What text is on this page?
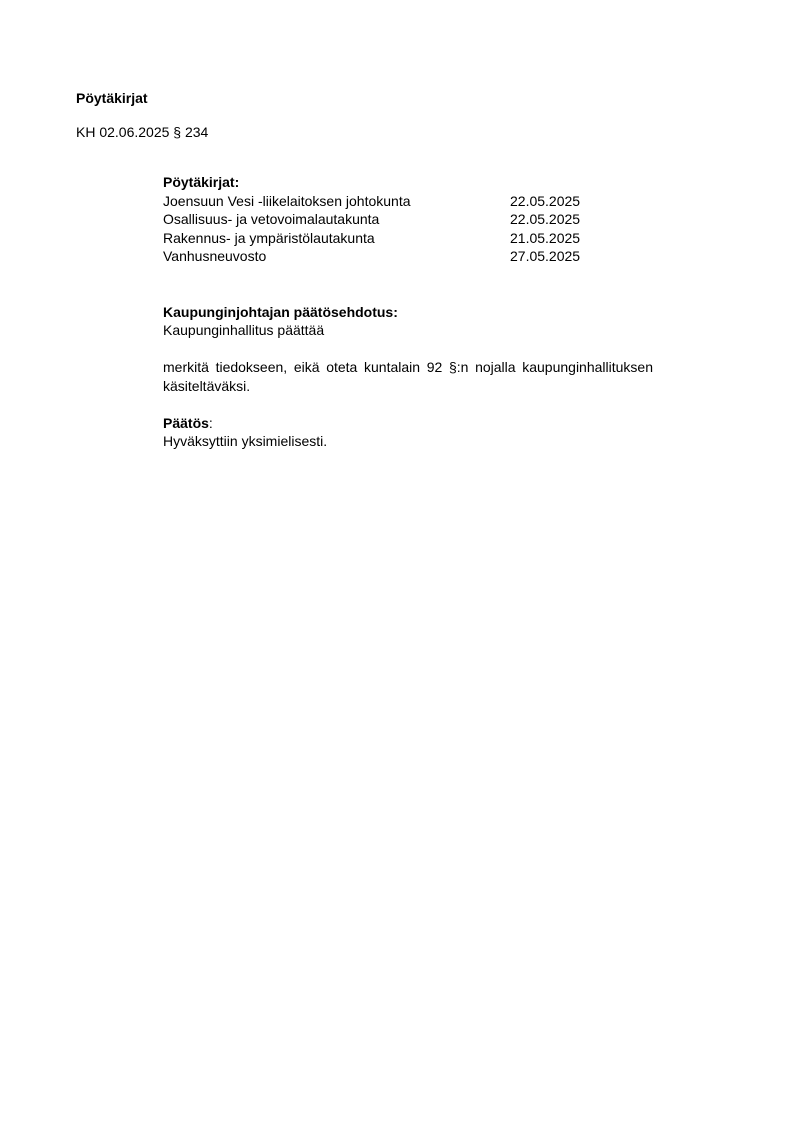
Pöytäkirjat
KH 02.06.2025 § 234
Pöytäkirjat:
Joensuun Vesi -liikelaitoksen johtokunta	22.05.2025
Osallisuus- ja vetovoimalautakunta	22.05.2025
Rakennus- ja ympäristölautakunta	21.05.2025
Vanhusneuvosto	27.05.2025
Kaupunginjohtajan päätösehdotus:
Kaupunginhallitus päättää
merkitä tiedokseen, eikä oteta kuntalain 92 §:n nojalla kaupunginhallituksen käsiteltäväksi.
Päätös:
Hyväksyttiin yksimielisesti.
